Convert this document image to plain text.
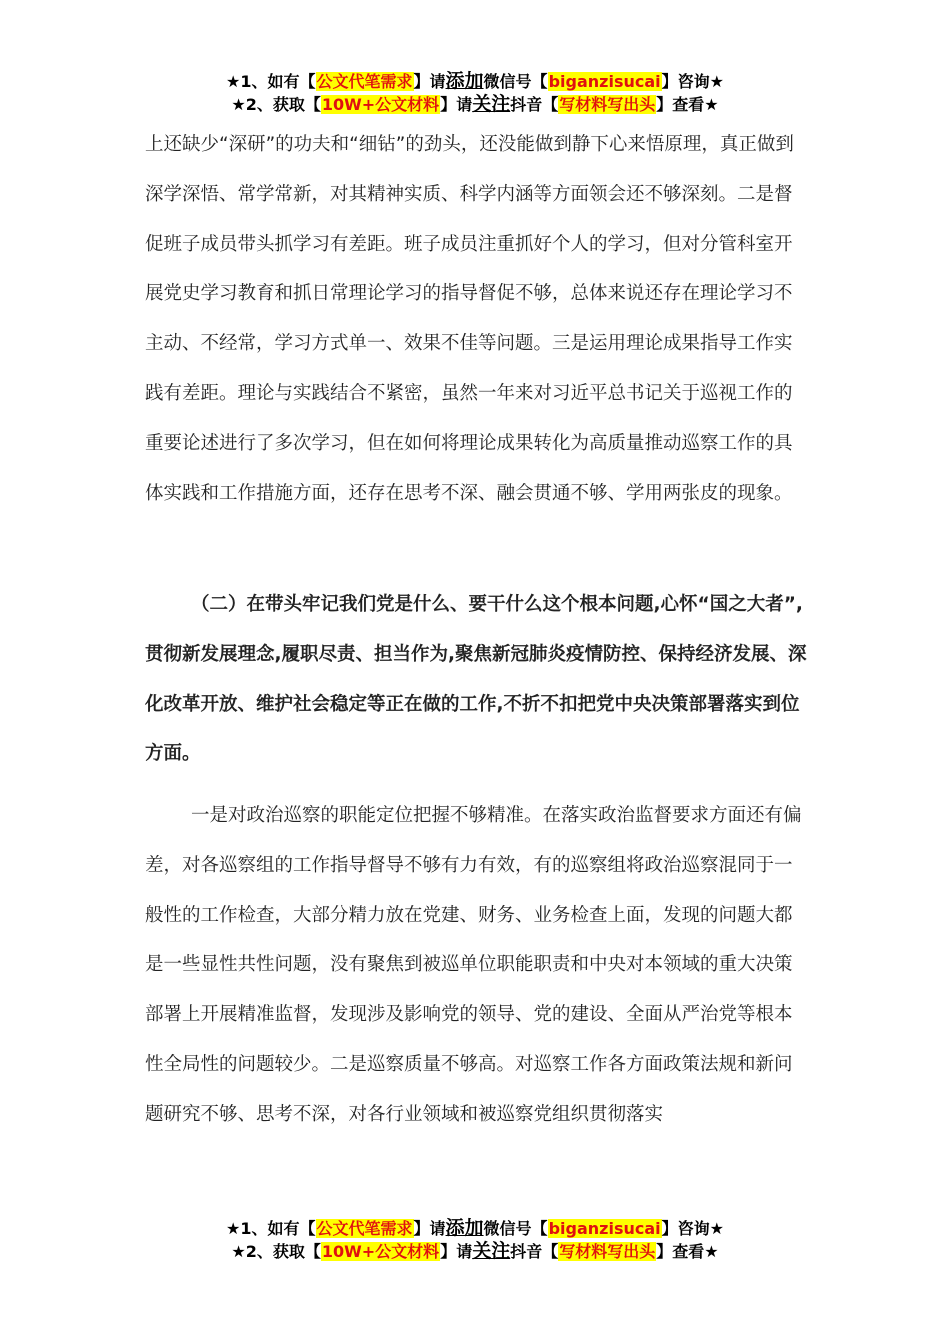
★1、如有【公文代笔需求】请添加微信号【biganzisucai】咨询★
★2、获取【10W+公文材料】请关注抖音【写材料写出头】查看★

上还缺少“深研”的功夫和“细钻”的劲头，还没能做到静下心来悟原理，真正做到深学深悟、常学常新，对其精神实质、科学内涵等方面领会还不够深刻。二是督促班子成员带头抓学习有差距。班子成员注重抓好个人的学习，但对分管科室开展党史学习教育和抓日常理论学习的指导督促不够，总体来说还存在理论学习不主动、不经常，学习方式单一、效果不佳等问题。三是运用理论成果指导工作实践有差距。理论与实践结合不紧密，虽然一年来对习近平总书记关于巡视工作的重要论述进行了多次学习，但在如何将理论成果转化为高质量推动巡察工作的具体实践和工作措施方面，还存在思考不深、融会贯通不够、学用两张皮的现象。

（二）在带头牢记我们党是什么、要干什么这个根本问题,心怀“国之大者”,贯彻新发展理念,履职尽责、担当作为,聚焦新冠肺炎疫情防控、保持经济发展、深化改革开放、维护社会稳定等正在做的工作,不折不扣把党中央决策部署落实到位方面。

一是对政治巡察的职能定位把握不够精准。在落实政治监督要求方面还有偏差，对各巡察组的工作指导督导不够有力有效，有的巡察组将政治巡察混同于一般性的工作检查，大部分精力放在党建、财务、业务检查上面，发现的问题大都是一些显性共性问题，没有聚焦到被巡单位职能职责和中央对本领域的重大决策部署上开展精准监督，发现涉及影响党的领导、党的建设、全面从严治党等根本性全局性的问题较少。二是巡察质量不够高。对巡察工作各方面政策法规和新问题研究不够、思考不深，对各行业领域和被巡察党组织贯彻落实

★1、如有【公文代笔需求】请添加微信号【biganzisucai】咨询★
★2、获取【10W+公文材料】请关注抖音【写材料写出头】查看★
